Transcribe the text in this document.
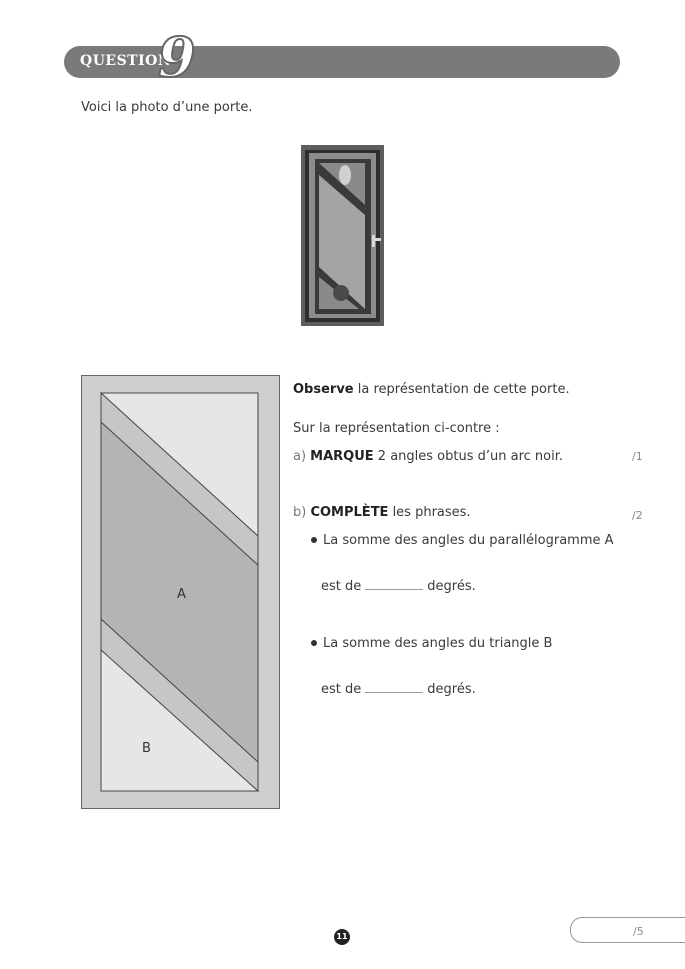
QUESTION
9
Voici la photo d’une porte.
A
B
Observe la représentation de cette porte.
Sur la représentation ci-contre :
a) MARQUE 2 angles obtus d’un arc noir.	/1
b) COMPLÈTE les phrases.	/2
La somme des angles du parallélogramme A
est de	degrés.
La somme des angles du triangle B
est de	degrés.
/5
11
